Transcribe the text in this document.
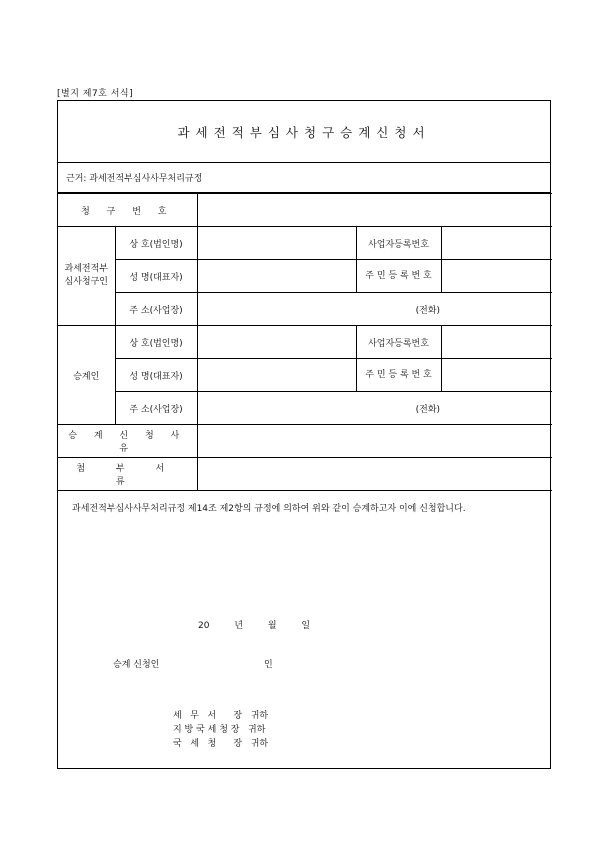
[별지 제7호 서식]
과세전적부심사청구승계신청서
근거: 과세전적부심사사무처리규정
청 구 번 호				
과세전적부
심사청구인	상 호(법인명)		사업자등록번호	
	성 명(대표자)		주 민 등 록 번 호	
	주 소(사업장)	(전화)		
승계인	상 호(법인명)		사업자등록번호	
	성 명(대표자)		주 민 등 록 번 호	
	주 소(사업장)	(전화)		
승 계 신 청 사 유				
첨 부 서 류				
과세전적부심사사무처리규정 제14조 제2항의 규정에 의하여 위와 같이 승계하고자 이에 신청합니다.
20 년 월 일
승계 신청인	인
세   무   서      장   귀하
지 방 국 세 청 장   귀하
국   세   청      장   귀하
